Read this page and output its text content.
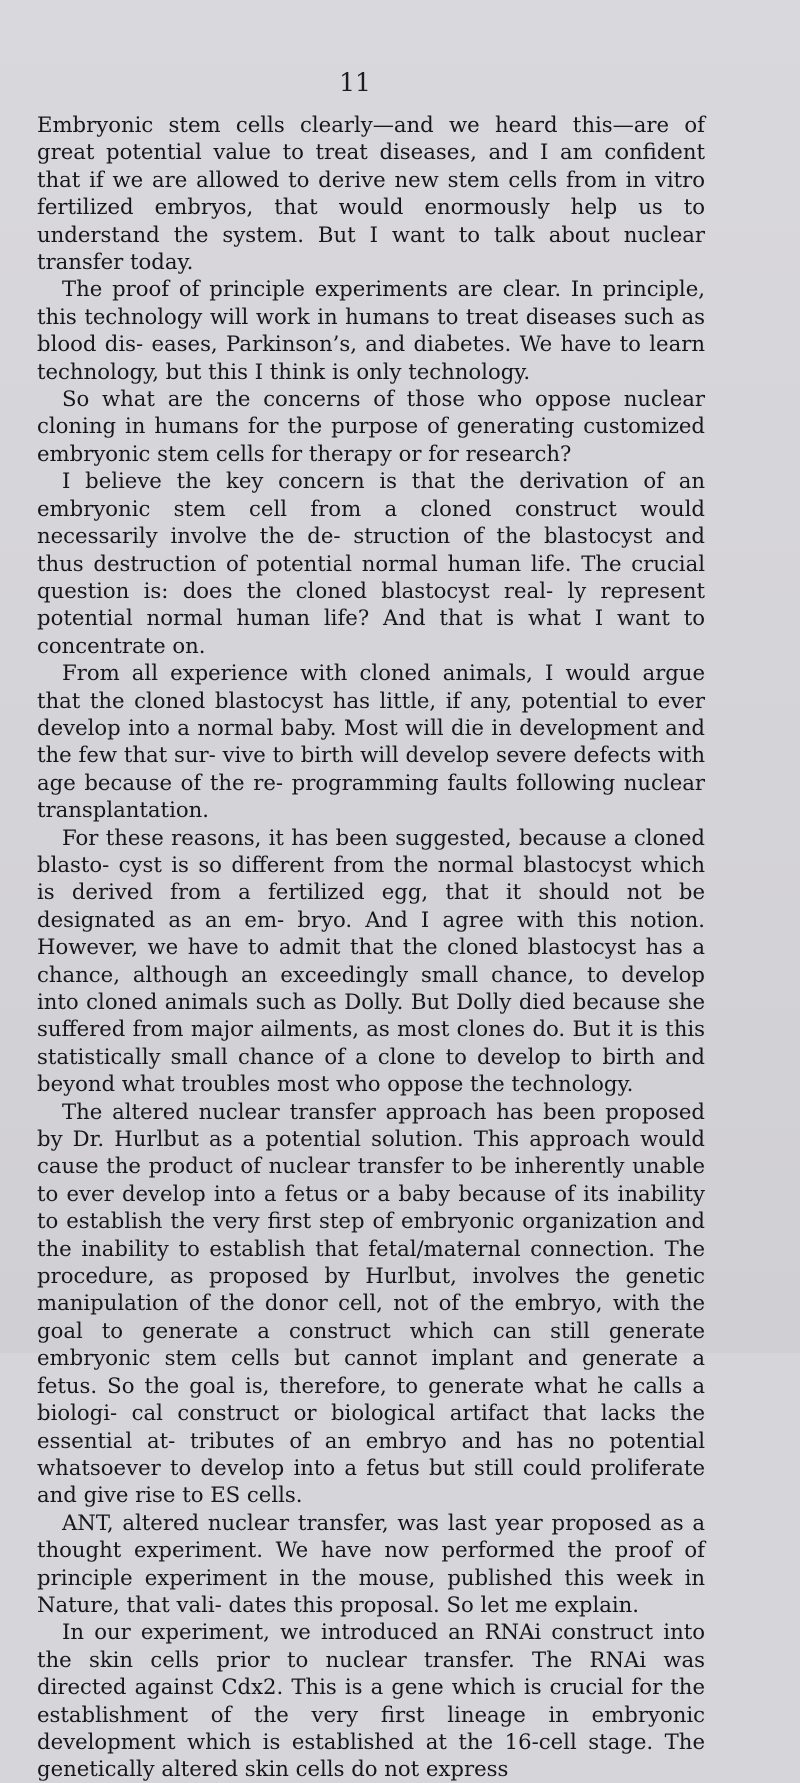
11

Embryonic stem cells clearly—and we heard this—are of great potential value to treat diseases, and I am confident that if we are allowed to derive new stem cells from in vitro fertilized embryos, that would enormously help us to understand the system. But I want to talk about nuclear transfer today.

The proof of principle experiments are clear. In principle, this technology will work in humans to treat diseases such as blood dis- eases, Parkinson’s, and diabetes. We have to learn technology, but this I think is only technology.

So what are the concerns of those who oppose nuclear cloning in humans for the purpose of generating customized embryonic stem cells for therapy or for research?

I believe the key concern is that the derivation of an embryonic stem cell from a cloned construct would necessarily involve the de- struction of the blastocyst and thus destruction of potential normal human life. The crucial question is: does the cloned blastocyst real- ly represent potential normal human life? And that is what I want to concentrate on.

From all experience with cloned animals, I would argue that the cloned blastocyst has little, if any, potential to ever develop into a normal baby. Most will die in development and the few that sur- vive to birth will develop severe defects with age because of the re- programming faults following nuclear transplantation.

For these reasons, it has been suggested, because a cloned blasto- cyst is so different from the normal blastocyst which is derived from a fertilized egg, that it should not be designated as an em- bryo. And I agree with this notion. However, we have to admit that the cloned blastocyst has a chance, although an exceedingly small chance, to develop into cloned animals such as Dolly. But Dolly died because she suffered from major ailments, as most clones do. But it is this statistically small chance of a clone to develop to birth and beyond what troubles most who oppose the technology.

The altered nuclear transfer approach has been proposed by Dr. Hurlbut as a potential solution. This approach would cause the product of nuclear transfer to be inherently unable to ever develop into a fetus or a baby because of its inability to establish the very first step of embryonic organization and the inability to establish that fetal/maternal connection. The procedure, as proposed by Hurlbut, involves the genetic manipulation of the donor cell, not of the embryo, with the goal to generate a construct which can still generate embryonic stem cells but cannot implant and generate a fetus. So the goal is, therefore, to generate what he calls a biologi- cal construct or biological artifact that lacks the essential at- tributes of an embryo and has no potential whatsoever to develop into a fetus but still could proliferate and give rise to ES cells.

ANT, altered nuclear transfer, was last year proposed as a thought experiment. We have now performed the proof of principle experiment in the mouse, published this week in Nature, that vali- dates this proposal. So let me explain.

In our experiment, we introduced an RNAi construct into the skin cells prior to nuclear transfer. The RNAi was directed against Cdx2. This is a gene which is crucial for the establishment of the very first lineage in embryonic development which is established at the 16-cell stage. The genetically altered skin cells do not express
